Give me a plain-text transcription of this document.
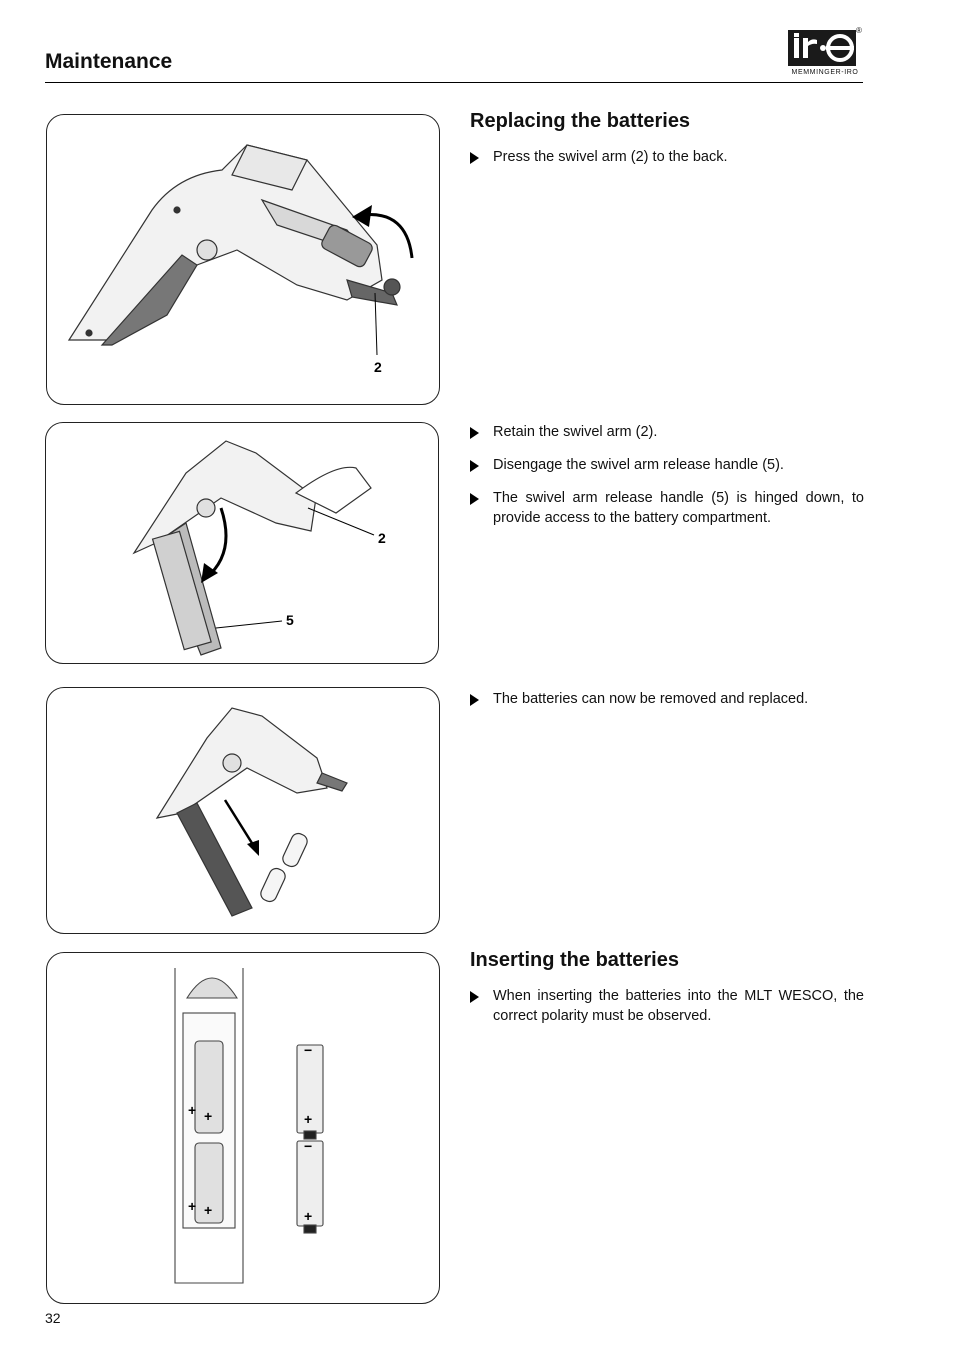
Maintenance
®
MEMMINGER-IRO
2
2
5
+ +
+ +
−
+
−
+
Replacing the batteries
Press the swivel arm (2) to the back.
Retain the swivel arm (2).
Disengage the swivel arm release handle (5).
The swivel arm release handle (5) is hinged down, to provide access to the battery compartment.
The batteries can now be removed and replaced.
Inserting the batteries
When inserting the batteries into the MLT WESCO, the correct polarity must be observed.
32
